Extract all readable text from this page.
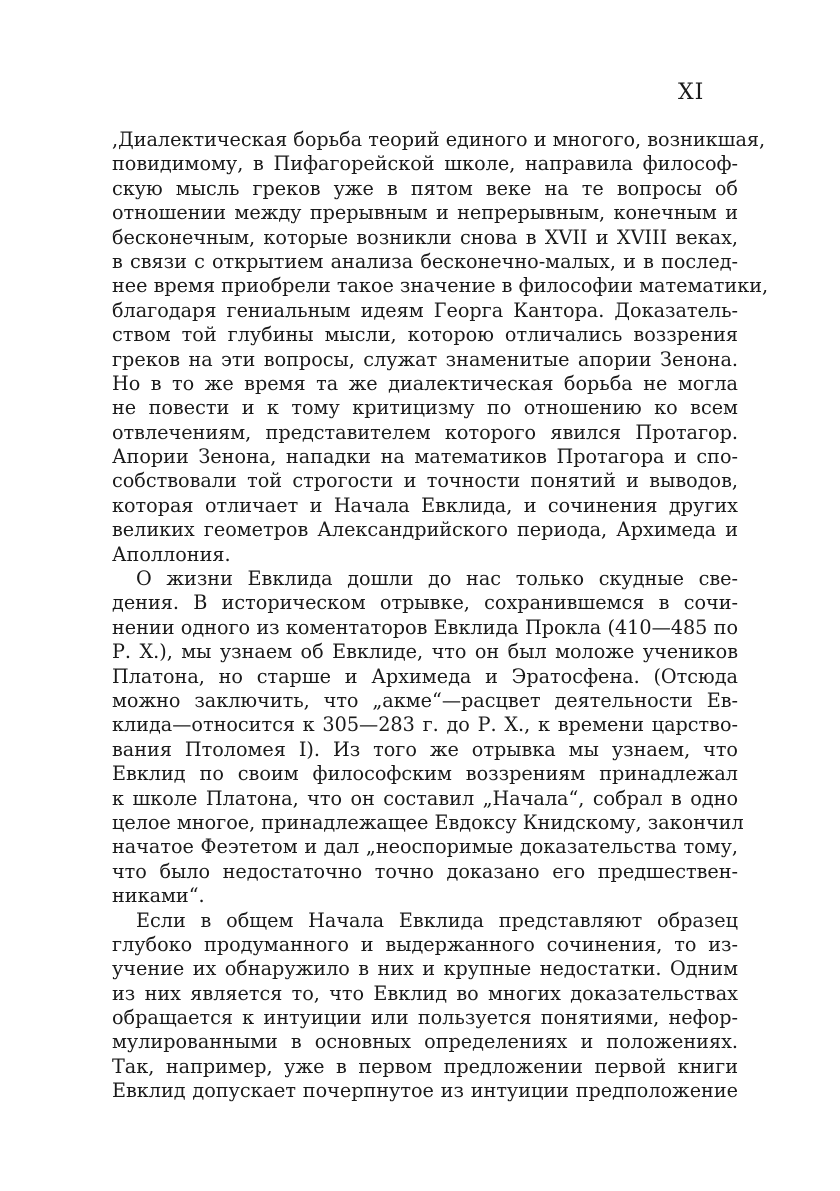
XI
,Диалектическая борьба теорий единого и многого, возникшая,
повидимому, в Пифагорейской школе, направила философ-
скую мысль греков уже в пятом веке на те вопросы об
отношении между прерывным и непрерывным, конечным и
бесконечным, которые возникли снова в XVII и XVIII веках,
в связи с открытием анализа бесконечно-малых, и в послед-
нее время приобрели такое значение в философии математики,
благодаря гениальным идеям Георга Кантора. Доказатель-
ством той глубины мысли, которою отличались воззрения
греков на эти вопросы, служат знаменитые апории Зенона.
Но в то же время та же диалектическая борьба не могла
не повести и к тому критицизму по отношению ко всем
отвлечениям, представителем которого явился Протагор.
Апории Зенона, нападки на математиков Протагора и спо-
собствовали той строгости и точности понятий и выводов,
которая отличает и Начала Евклида, и сочинения других
великих геометров Александрийского периода, Архимеда и
Аполлония.
О жизни Евклида дошли до нас только скудные све-
дения. В историческом отрывке, сохранившемся в сочи-
нении одного из коментаторов Евклида Прокла (410—485 по
Р. Х.), мы узнаем об Евклиде, что он был моложе учеников
Платона, но старше и Архимеда и Эратосфена. (Отсюда
можно заключить, что „акме“—расцвет деятельности Ев-
клида—относится к 305—283 г. до Р. Х., к времени царство-
вания Птоломея I). Из того же отрывка мы узнаем, что
Евклид по своим философским воззрениям принадлежал
к школе Платона, что он составил „Начала“, собрал в одно
целое многое, принадлежащее Евдоксу Книдскому, закончил
начатое Феэтетом и дал „неоспоримые доказательства тому,
что было недостаточно точно доказано его предшествен-
никами“.
Если в общем Начала Евклида представляют образец
глубоко продуманного и выдержанного сочинения, то из-
учение их обнаружило в них и крупные недостатки. Одним
из них является то, что Евклид во многих доказательствах
обращается к интуиции или пользуется понятиями, нефор-
мулированными в основных определениях и положениях.
Так, например, уже в первом предложении первой книги
Евклид допускает почерпнутое из интуиции предположение
